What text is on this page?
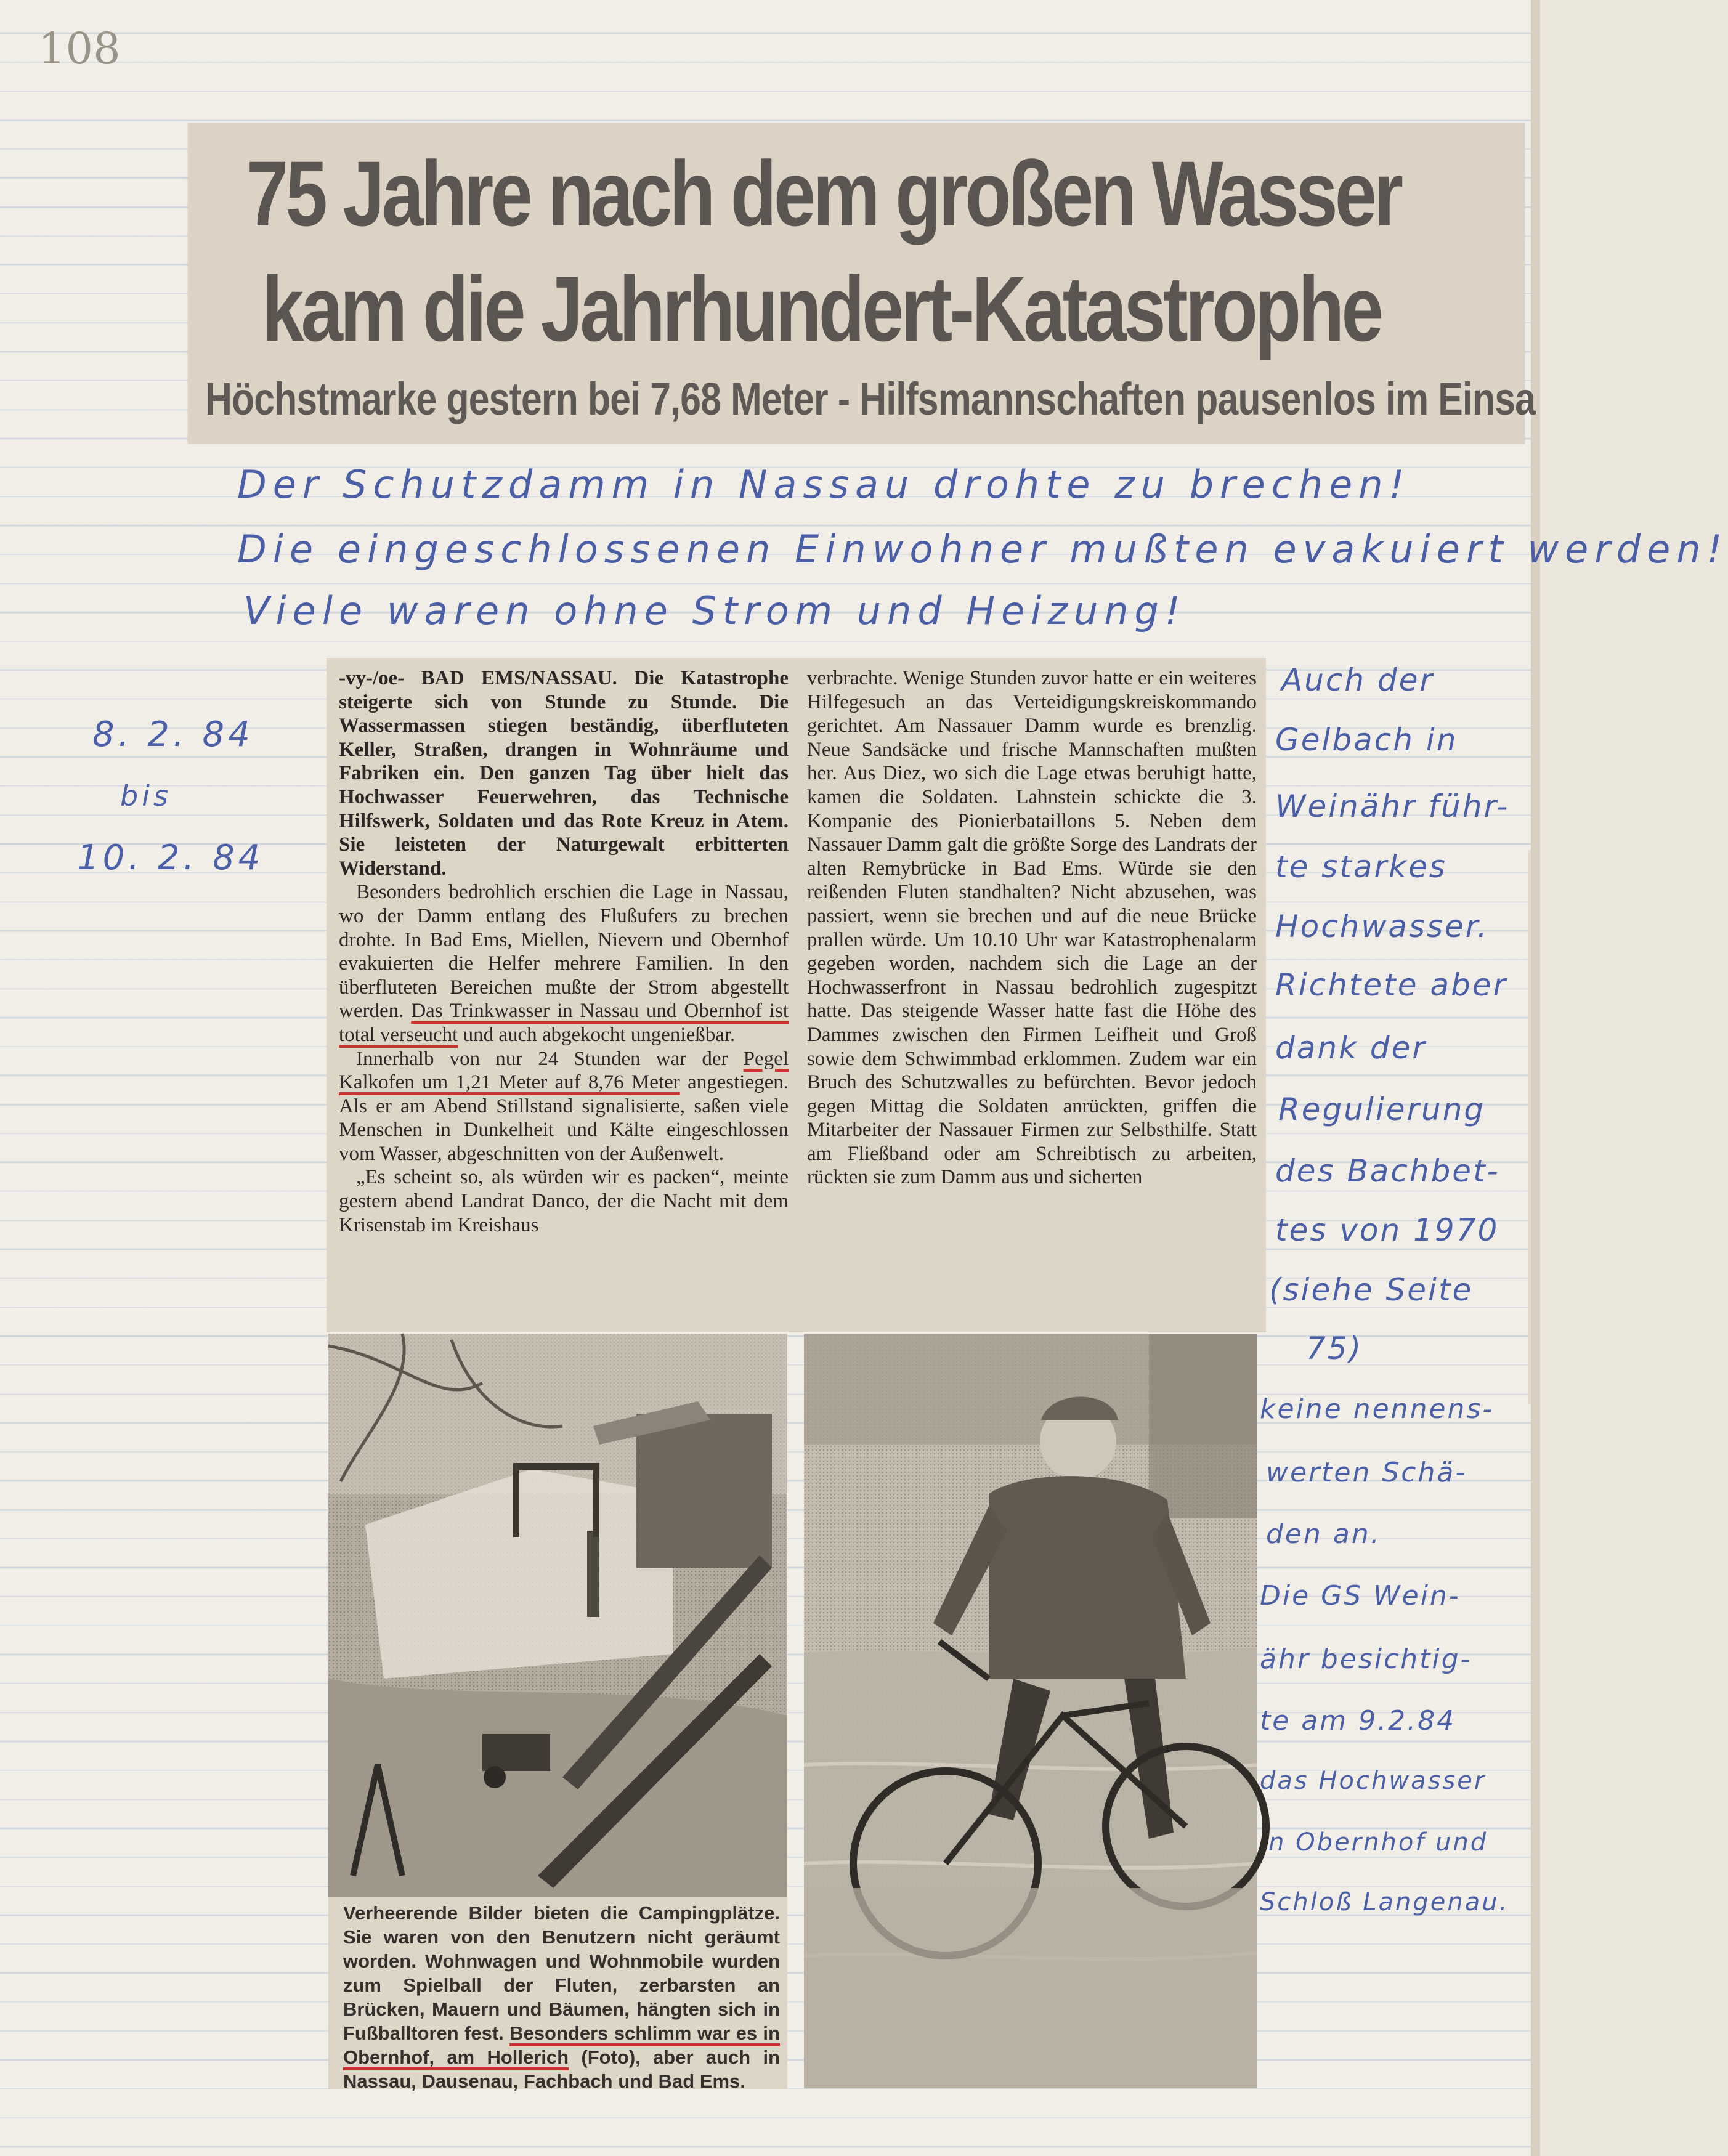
108
75 Jahre nach dem großen Wasser
kam die Jahrhundert-Katastrophe
Höchstmarke gestern bei 7,68 Meter - Hilfsmannschaften pausenlos im Einsa
Der Schutzdamm in Nassau drohte zu brechen!
Die eingeschlossenen Einwohner mußten evakuiert werden!
Viele waren ohne Strom und Heizung!
8. 2. 84
bis
10. 2. 84
Auch der
Gelbach in
Weinähr führ-
te starkes
Hochwasser.
Richtete aber
dank der
Regulierung
des Bachbet-
tes von 1970
(siehe Seite
75)
keine nennens-
werten Schä-
den an.
Die GS Wein-
ähr besichtig-
te am 9.2.84
das Hochwasser
in Obernhof und
Schloß Langenau.

-vy-/oe- BAD EMS/NASSAU. Die Katastrophe steigerte sich von Stunde zu Stunde. Die Wassermassen stiegen beständig, überfluteten Keller, Straßen, drangen in Wohnräume und Fabriken ein. Den ganzen Tag über hielt das Hochwasser Feuerwehren, das Technische Hilfswerk, Soldaten und das Rote Kreuz in Atem. Sie leisteten der Naturgewalt erbitterten Widerstand.

Besonders bedrohlich erschien die Lage in Nassau, wo der Damm entlang des Flußufers zu brechen drohte. In Bad Ems, Miellen, Nievern und Obernhof evakuierten die Helfer mehrere Familien. In den überfluteten Bereichen mußte der Strom abgestellt werden. Das Trinkwasser in Nassau und Obernhof ist total verseucht und auch abgekocht ungenießbar.

Innerhalb von nur 24 Stunden war der Pegel Kalkofen um 1,21 Meter auf 8,76 Meter angestiegen. Als er am Abend Stillstand signalisierte, saßen viele Menschen in Dunkelheit und Kälte eingeschlossen vom Wasser, abgeschnitten von der Außenwelt.

„Es scheint so, als würden wir es packen“, meinte gestern abend Landrat Danco, der die Nacht mit dem Krisenstab im Kreishaus

verbrachte. Wenige Stunden zuvor hatte er ein weiteres Hilfegesuch an das Verteidigungskreiskommando gerichtet. Am Nassauer Damm wurde es brenzlig. Neue Sandsäcke und frische Mannschaften mußten her. Aus Diez, wo sich die Lage etwas beruhigt hatte, kamen die Soldaten. Lahnstein schickte die 3. Kompanie des Pionierbataillons 5. Neben dem Nassauer Damm galt die größte Sorge des Landrats der alten Remybrücke in Bad Ems. Würde sie den reißenden Fluten standhalten? Nicht abzusehen, was passiert, wenn sie brechen und auf die neue Brücke prallen würde. Um 10.10 Uhr war Katastrophenalarm gegeben worden, nachdem sich die Lage an der Hochwasserfront in Nassau bedrohlich zugespitzt hatte. Das steigende Wasser hatte fast die Höhe des Dammes zwischen den Firmen Leifheit und Groß sowie dem Schwimmbad erklommen. Zudem war ein Bruch des Schutzwalles zu befürchten. Bevor jedoch gegen Mittag die Soldaten anrückten, griffen die Mitarbeiter der Nassauer Firmen zur Selbsthilfe. Statt am Fließband oder am Schreibtisch zu arbeiten, rückten sie zum Damm aus und sicherten

Verheerende Bilder bieten die Campingplätze. Sie waren von den Benutzern nicht geräumt worden. Wohnwagen und Wohnmobile wurden zum Spielball der Fluten, zerbarsten an Brücken, Mauern und Bäumen, hängten sich in Fußballtoren fest. Besonders schlimm war es in Obernhof, am Hollerich (Foto), aber auch in Nassau, Dausenau, Fachbach und Bad Ems.
